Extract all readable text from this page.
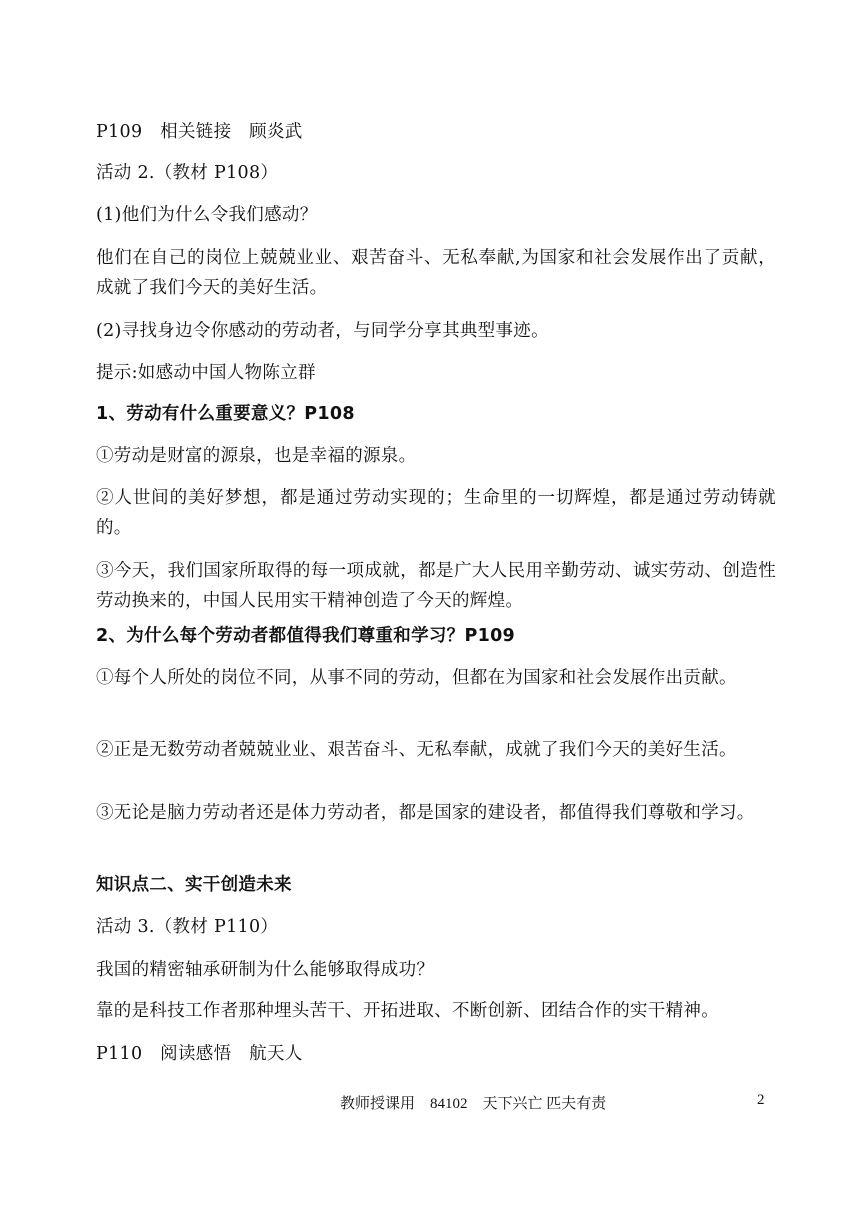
P109　相关链接　顾炎武
活动 2.（教材 P108）
(1)他们为什么令我们感动？
他们在自己的岗位上兢兢业业、艰苦奋斗、无私奉献,为国家和社会发展作出了贡献，成就了我们今天的美好生活。
(2)寻找身边令你感动的劳动者，与同学分享其典型事迹。
提示:如感动中国人物陈立群
1、劳动有什么重要意义？P108
①劳动是财富的源泉，也是幸福的源泉。
②人世间的美好梦想，都是通过劳动实现的；生命里的一切辉煌，都是通过劳动铸就的。
③今天，我们国家所取得的每一项成就，都是广大人民用辛勤劳动、诚实劳动、创造性劳动换来的，中国人民用实干精神创造了今天的辉煌。
2、为什么每个劳动者都值得我们尊重和学习？P109
①每个人所处的岗位不同，从事不同的劳动，但都在为国家和社会发展作出贡献。
②正是无数劳动者兢兢业业、艰苦奋斗、无私奉献，成就了我们今天的美好生活。
③无论是脑力劳动者还是体力劳动者，都是国家的建设者，都值得我们尊敬和学习。
知识点二、实干创造未来
活动 3.（教材 P110）
我国的精密轴承研制为什么能够取得成功？
靠的是科技工作者那种埋头苦干、开拓进取、不断创新、团结合作的实干精神。
P110　阅读感悟　航天人
教师授课用　84102　天下兴亡 匹夫有责	2
